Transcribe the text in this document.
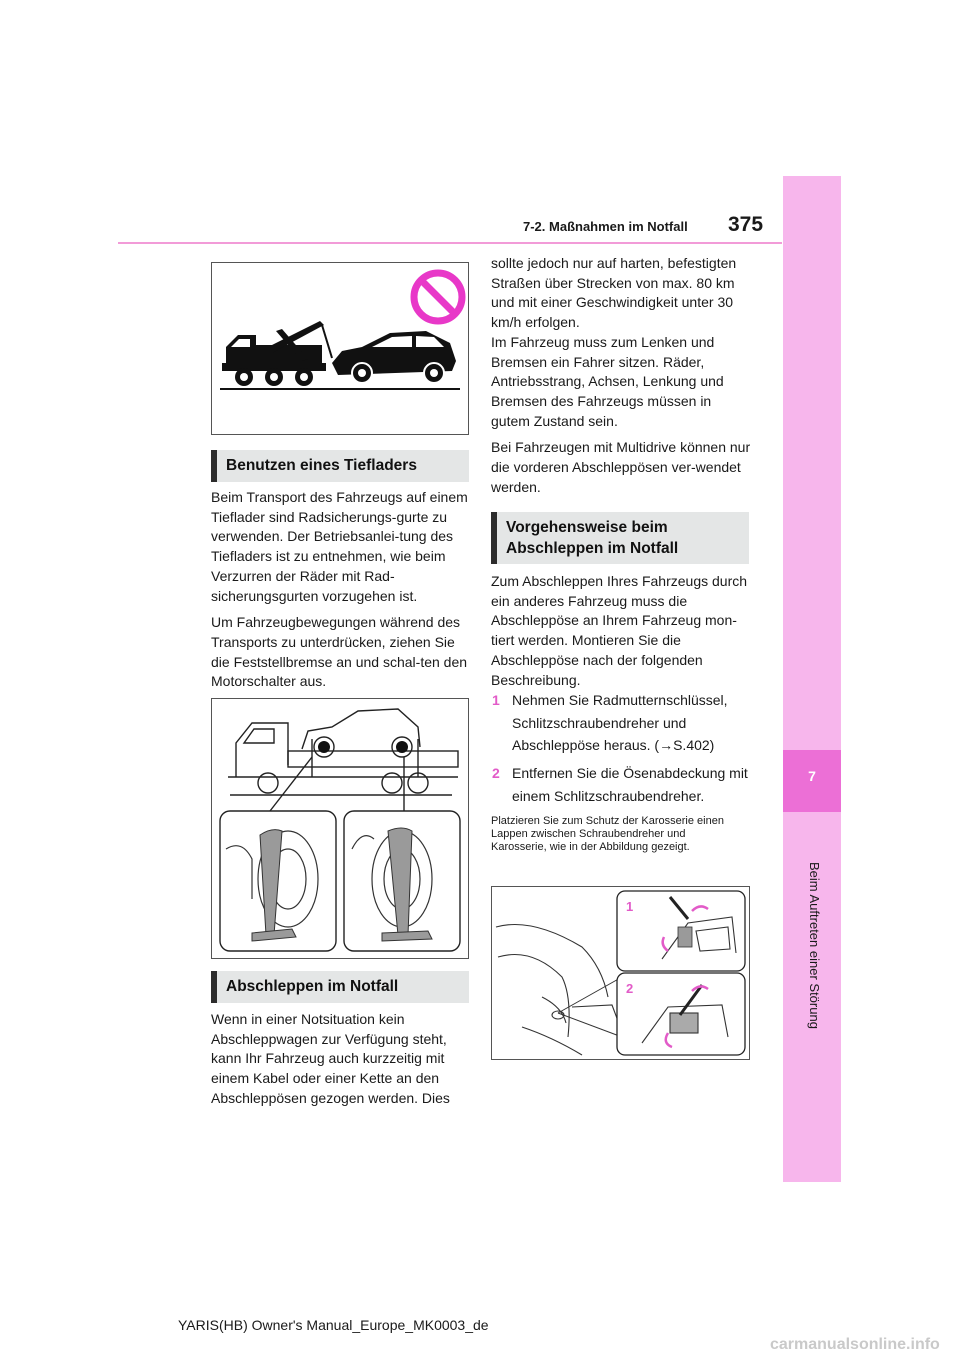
7-2. Maßnahmen im Notfall 375
7
Beim Auftreten einer Störung
Benutzen eines Tiefladers

Beim Transport des Fahrzeugs auf einem Tieflader sind Radsicherungs-gurte zu verwenden. Der Betriebsanlei-tung des Tiefladers ist zu entnehmen, wie beim Verzurren der Räder mit Rad-sicherungsgurten vorzugehen ist.

Um Fahrzeugbewegungen während des Transports zu unterdrücken, ziehen Sie die Feststellbremse an und schal-ten den Motorschalter aus.

Abschleppen im Notfall

Wenn in einer Notsituation kein Abschleppwagen zur Verfügung steht, kann Ihr Fahrzeug auch kurzzeitig mit einem Kabel oder einer Kette an den Abschleppösen gezogen werden. Dies

sollte jedoch nur auf harten, befestigten Straßen über Strecken von max. 80 km und mit einer Geschwindigkeit unter 30 km/h erfolgen.
Im Fahrzeug muss zum Lenken und Bremsen ein Fahrer sitzen. Räder, Antriebsstrang, Achsen, Lenkung und Bremsen des Fahrzeugs müssen in gutem Zustand sein.

Bei Fahrzeugen mit Multidrive können nur die vorderen Abschleppösen ver-wendet werden.

Vorgehensweise beim Abschleppen im Notfall

Zum Abschleppen Ihres Fahrzeugs durch ein anderes Fahrzeug muss die Abschleppöse an Ihrem Fahrzeug mon-tiert werden. Montieren Sie die Abschleppöse nach der folgenden Beschreibung.

1 Nehmen Sie Radmutternschlüssel, Schlitzschraubendreher und Abschleppöse heraus. (→S.402)
2 Entfernen Sie die Ösenabdeckung mit einem Schlitzschraubendreher.
Platzieren Sie zum Schutz der Karosserie einen Lappen zwischen Schraubendreher und Karosserie, wie in der Abbildung gezeigt.
1
2
YARIS(HB) Owner's Manual_Europe_MK0003_de
carmanualsonline.info
